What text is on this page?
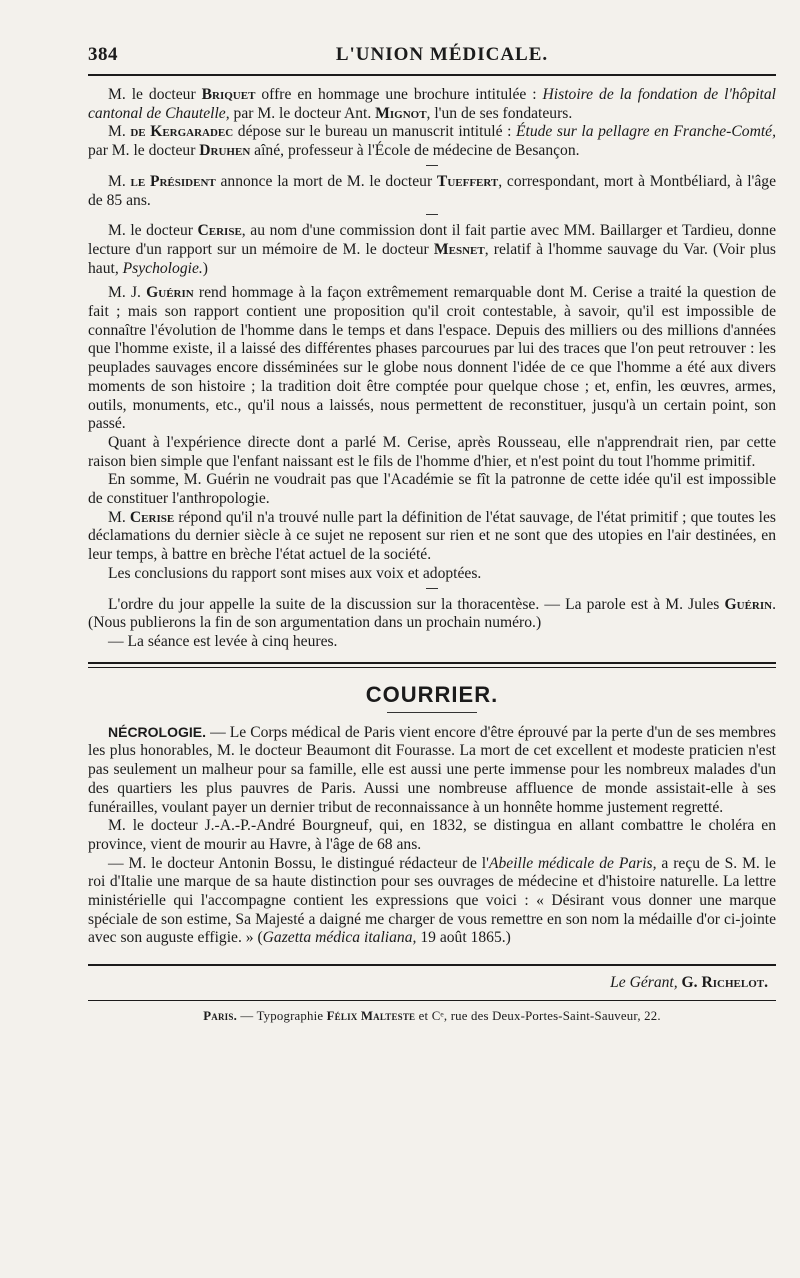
384	L'UNION MÉDICALE.

M. le docteur Briquet offre en hommage une brochure intitulée : Histoire de la fondation de l'hôpital cantonal de Chautelle, par M. le docteur Ant. Mignot, l'un de ses fondateurs.

M. de Kergaradec dépose sur le bureau un manuscrit intitulé : Étude sur la pellagre en Franche-Comté, par M. le docteur Druhen aîné, professeur à l'École de médecine de Besançon.

M. le Président annonce la mort de M. le docteur Tueffert, correspondant, mort à Montbéliard, à l'âge de 85 ans.

M. le docteur Cerise, au nom d'une commission dont il fait partie avec MM. Baillarger et Tardieu, donne lecture d'un rapport sur un mémoire de M. le docteur Mesnet, relatif à l'homme sauvage du Var. (Voir plus haut, Psychologie.)

M. J. Guérin rend hommage à la façon extrêmement remarquable dont M. Cerise a traité la question de fait ; mais son rapport contient une proposition qu'il croit contestable, à savoir, qu'il est impossible de connaître l'évolution de l'homme dans le temps et dans l'espace. Depuis des milliers ou des millions d'années que l'homme existe, il a laissé des différentes phases parcourues par lui des traces que l'on peut retrouver : les peuplades sauvages encore disséminées sur le globe nous donnent l'idée de ce que l'homme a été aux divers moments de son histoire ; la tradition doit être comptée pour quelque chose ; et, enfin, les œuvres, armes, outils, monuments, etc., qu'il nous a laissés, nous permettent de reconstituer, jusqu'à un certain point, son passé.

Quant à l'expérience directe dont a parlé M. Cerise, après Rousseau, elle n'apprendrait rien, par cette raison bien simple que l'enfant naissant est le fils de l'homme d'hier, et n'est point du tout l'homme primitif.

En somme, M. Guérin ne voudrait pas que l'Académie se fît la patronne de cette idée qu'il est impossible de constituer l'anthropologie.

M. Cerise répond qu'il n'a trouvé nulle part la définition de l'état sauvage, de l'état primitif ; que toutes les déclamations du dernier siècle à ce sujet ne reposent sur rien et ne sont que des utopies en l'air destinées, en leur temps, à battre en brèche l'état actuel de la société.

Les conclusions du rapport sont mises aux voix et adoptées.

L'ordre du jour appelle la suite de la discussion sur la thoracentèse. — La parole est à M. Jules Guérin. (Nous publierons la fin de son argumentation dans un prochain numéro.)

— La séance est levée à cinq heures.

COURRIER.

NÉCROLOGIE. — Le Corps médical de Paris vient encore d'être éprouvé par la perte d'un de ses membres les plus honorables, M. le docteur Beaumont dit Fourasse. La mort de cet excellent et modeste praticien n'est pas seulement un malheur pour sa famille, elle est aussi une perte immense pour les nombreux malades d'un des quartiers les plus pauvres de Paris. Aussi une nombreuse affluence de monde assistait-elle à ses funérailles, voulant payer un dernier tribut de reconnaissance à un honnête homme justement regretté.

M. le docteur J.-A.-P.-André Bourgneuf, qui, en 1832, se distingua en allant combattre le choléra en province, vient de mourir au Havre, à l'âge de 68 ans.

— M. le docteur Antonin Bossu, le distingué rédacteur de l'Abeille médicale de Paris, a reçu de S. M. le roi d'Italie une marque de sa haute distinction pour ses ouvrages de médecine et d'histoire naturelle. La lettre ministérielle qui l'accompagne contient les expressions que voici : « Désirant vous donner une marque spéciale de son estime, Sa Majesté a daigné me charger de vous remettre en son nom la médaille d'or ci-jointe avec son auguste effigie. » (Gazetta médica italiana, 19 août 1865.)

Le Gérant, G. Richelot.
Paris. — Typographie Félix Malteste et Cᵉ, rue des Deux-Portes-Saint-Sauveur, 22.
